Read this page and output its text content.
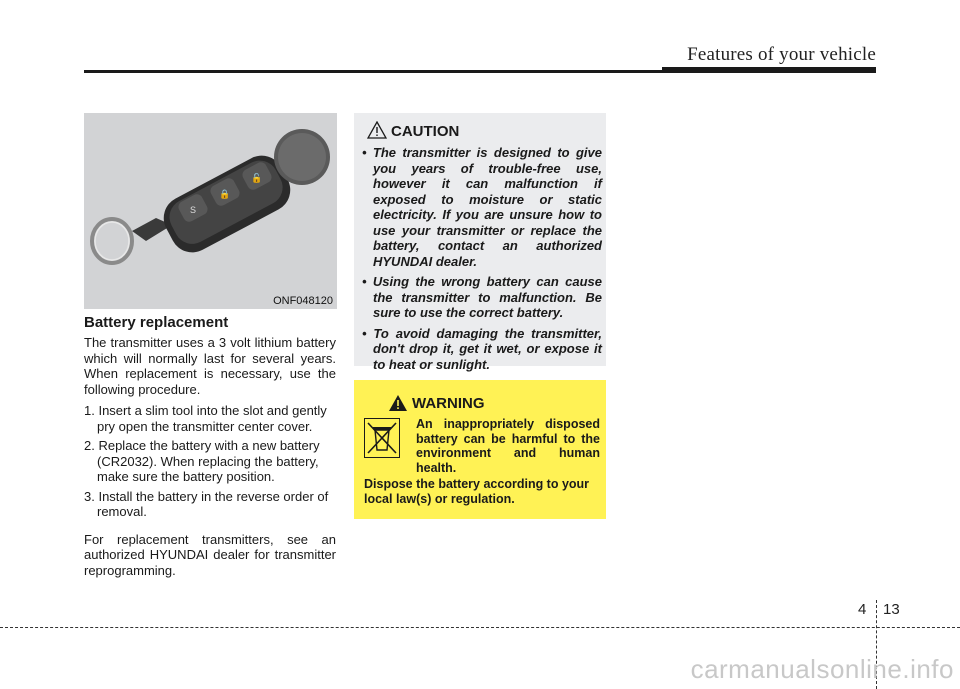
Features of your vehicle
S
🔒
🔓
ONF048120
Battery replacement

The transmitter uses a 3 volt lithium battery which will normally last for several years. When replacement is necessary, use the following procedure.

1. Insert a slim tool into the slot and gently pry open the transmitter center cover.
2. Replace the battery with a new battery (CR2032). When replacing the battery, make sure the battery position.
3. Install the battery in the reverse order of removal.

For replacement transmitters, see an authorized HYUNDAI dealer for transmitter reprogramming.

CAUTION
• The transmitter is designed to give you years of trouble-free use, however it can malfunction if exposed to moisture or static electricity. If you are unsure how to use your transmitter or replace the battery, contact an authorized HYUNDAI dealer.
• Using the wrong battery can cause the transmitter to malfunction. Be sure to use the correct battery.
• To avoid damaging the transmitter, don't drop it, get it wet, or expose it to heat or sunlight.
WARNING

An inappropriately disposed battery can be harmful to the environment and human health.

Dispose the battery according to your local law(s) or regulation.

4 13
carmanualsonline.info
